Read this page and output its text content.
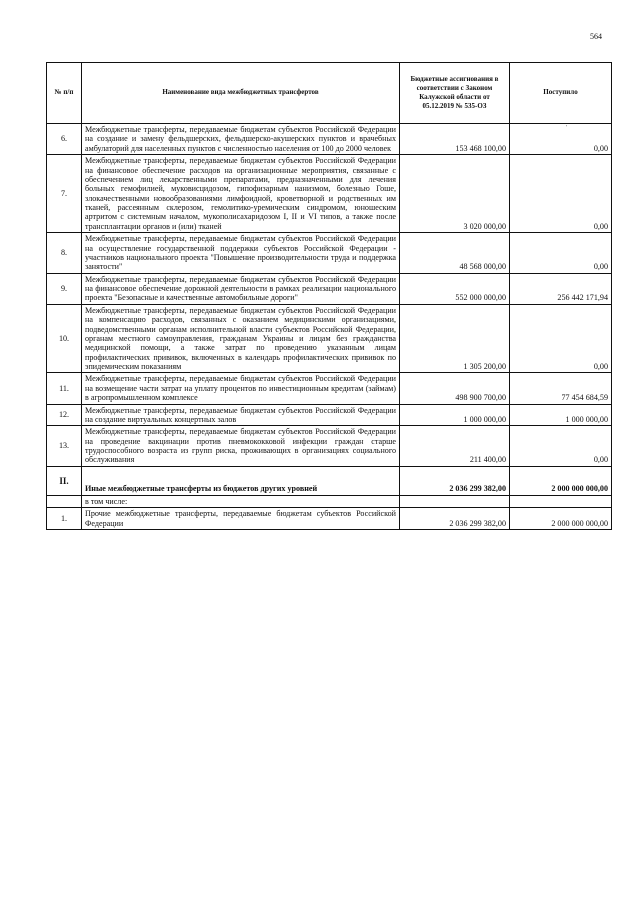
564
'
№ п/п	Наименование вида межбюджетных трансфертов	Бюджетные ассигнования в соответствии с Законом Калужской области от 05.12.2019 № 535-ОЗ	Поступило
6.	Межбюджетные трансферты, передаваемые бюджетам субъектов Российской Федерации на создание и замену фельдшерских, фельдшерско-акушерских пунктов и врачебных амбулаторий для населенных пунктов с численностью населения от 100 до 2000 человек	153 468 100,00	0,00
7.	Межбюджетные трансферты, передаваемые бюджетам субъектов Российской Федерации на финансовое обеспечение расходов на организационные мероприятия, связанные с обеспечением лиц лекарственными препаратами, предназначенными для лечения больных гемофилией, муковисцидозом, гипофизарным нанизмом, болезнью Гоше, злокачественными новообразованиями лимфоидной, кроветворной и родственных им тканей, рассеянным склерозом, гемолитико-уремическим синдромом, юношеским артритом с системным началом, мукополисахаридозом I, II и VI типов, а также после трансплантации органов и (или) тканей	3 020 000,00	0,00
8.	Межбюджетные трансферты, передаваемые бюджетам субъектов Российской Федерации на осуществление государственной поддержки субъектов Российской Федерации - участников национального проекта "Повышение производительности труда и поддержка занятости"	48 568 000,00	0,00
9.	Межбюджетные трансферты, передаваемые бюджетам субъектов Российской Федерации на финансовое обеспечение дорожной деятельности в рамках реализации национального проекта "Безопасные и качественные автомобильные дороги"	552 000 000,00	256 442 171,94
10.	Межбюджетные трансферты, передаваемые бюджетам субъектов Российской Федерации на компенсацию расходов, связанных с оказанием медицинскими организациями, подведомственными органам исполнительной власти субъектов Российской Федерации, органам местного самоуправления, гражданам Украины и лицам без гражданства медицинской помощи, а также затрат по проведению указанным лицам профилактических прививок, включенных в календарь профилактических прививок по эпидемическим показаниям	1 305 200,00	0,00
11.	Межбюджетные трансферты, передаваемые бюджетам субъектов Российской Федерации на возмещение части затрат на уплату процентов по инвестиционным кредитам (займам) в агропромышленном комплексе	498 900 700,00	77 454 684,59
12.	Межбюджетные трансферты, передаваемые бюджетам субъектов Российской Федерации на создание виртуальных концертных залов	1 000 000,00	1 000 000,00
13.	Межбюджетные трансферты, передаваемые бюджетам субъектов Российской Федерации на проведение вакцинации против пневмококковой инфекции граждан старше трудоспособного возраста из групп риска, проживающих в организациях социального обслуживания	211 400,00	0,00
II.	Иные межбюджетные трансферты из бюджетов других уровней	2 036 299 382,00	2 000 000 000,00
	в том числе:		
1.	Прочие межбюджетные трансферты, передаваемые бюджетам субъектов Российской Федерации	2 036 299 382,00	2 000 000 000,00
